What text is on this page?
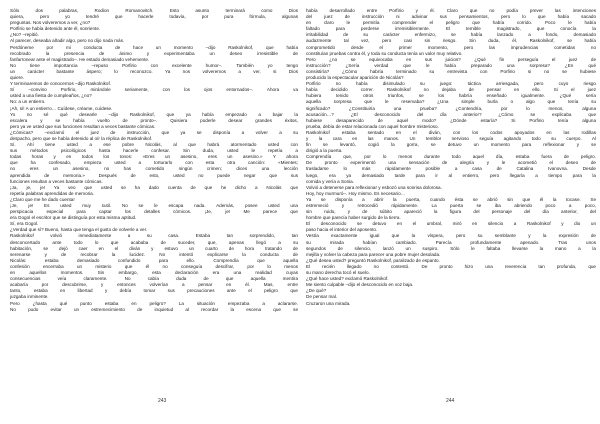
Sólo dos palabras, Rodion Romanovitch. Esto asunto terminará como Dios
quiera, pero yo tendré que hacerle todavía, por pura fórmula, algunas
preguntas. Nos volveremos a ver, ¿no?
Porfirio se había detenido ante él, sonriente.
¿No? –repitió.
Al parecer, deseaba añadir algo, pero no dijo nada más.
Perdóneme por mi conducta de hace un momento –dijo Raskolnikof, que había
recobrado la presencia de ánimo y experimentaba un deseo irresistible de
fanfarronear ante el magistrado–. He estado demasiado vehemente.
No tiene importancia –repuso Porfirio con excelente humor–. También yo tengo
un carácter bastante áspero; lo reconozco. Ya nos volveremos a ver, si Dios
quiere.
Y terminaremos de conocernos –dijo Raskolnikof.
Sí –convino Porfirio, mirándole seriamente, con los ojos entornados–. Ahora va
usted a una fiesta de cumpleaños, ¿no?
No: a un entierro.
¡Ah, sí! A un entierro… Cuídese, créame, cuídese.
Yo no sé qué desearle –dijo Raskolnikof, que ya había empezado a bajar la
escalera y se había vuelto de pronto–. Quisiera poderle desear grandes éxitos,
pero ya ve usted que sus funciones resultan a veces bastante cómicas.
¿Cómicas? –exclamó el juez de instrucción, que ya se disponía a volver a su
despacho, pero que se había detenido al oír la réplica de Raskolnikof.
Sí. Ahí tiene usted a ese pobre Nicolás, al que habrá atormentado usted con
sus métodos psicológicos hasta hacerle confesar. Sin duda, usted le repetía a
todas horas y en todos los tonos: «Eres un asesino, eres un asesino.» Y ahora
que ha confesado, empieza usted a torturarlo con esta otra canción: «Mientes;
no eres un asesino, no has cometido ningún crimen; dices una lección
aprendida de memoria.» Después de esto, usted no puede negar que sus
funciones resultan a veces bastante cómicas.
¡Ja, je, je! Ya veo que usted se ha dado cuenta de que he dicho a Nicolás que
repetía palabras aprendidas de memoria.
¿Claro que me he dado cuenta!
¡Je, je! Es usted muy sutil. No se le escapa nada. Además, posee usted una
perspicacia especial para captar los detalles cómicos. ¡Je, je! Me parece que
era Gogol el escritor que se distinguía por esta misma aptitud.
Sí, era Gogol.
¿Verdad que sí? Bueno, hasta que tenga el gusto de volverle a ver.
Raskolnikof volvió inmediatamente a su casa. Estaba tan sorprendido, tan
desconcertado ante todo lo que acababa de suceder, que, apenas llegó a su
habitación, se dejó caer en el diván y estuvo un cuarto de hora tratando de
serenarse y de recobrar la lucidez. No intentó explicarse la conducta de
Nicolás: estaba demasiado confundido para ello. Comprendía que aquella
confesión encerraba un misterio que él no conseguía descifrar, por lo menos
en aquellos momentos. Sin embargo, esta declaración era una realidad cuyas
consecuencias veía claramente. No cabía duda de que aquella mentira
acabaría por descubrirse, y entonces volverían a pensar en él. Mas, entre
tanto, estaba en libertad y debía tomar sus precauciones ante el peligro que
juzgaba inminente.
Pero ¿hasta qué punto estaba en peligro? La situación empezaba a aclararse.
No pudo evitar un estremecimiento de inquietud al recordar la escena que se
había desarrollado entre Porfirio y él. Claro que no podía prever las intenciones
del juez de instrucción ni adivinar sus pensamientos, pero lo que había sacado
en claro le permitía comprender el peligro que había corrido. Poco le había
faltado para perderse irremisiblemente. El temible magistrado, que conocía la
irritabilidad de su carácter enfermizo, se había lanzado a fondo, demasiado
audazmente tal vez, pero casi sin riesgo. Sin duda, él, Raskolnikof, se había
comprometido desde el primer momento, pero las imprudencias cometidas no
constituían pruebas contra él, y toda su conducta tenía un valor muy relativo.
Pero ¿no se equivocaba en sus juicios? ¿Qué fin perseguía el juez de
instrucción? ¿Sería verdad que le había preparado una sorpresa? ¿En qué
consistiría? ¿Cómo habría terminado su entrevista con Porfirio si no se hubiese
producido la espectacular aparición de Nicolás?
Porfirio no había disimulado su juego: táctica arriesgada, pero cuyo riesgo
había decidido correr. Raskolnikof no dejaba de pensar en ello. Si el juez
hubiera tenido otros triunfos, se los habría enseñado igualmente. ¿Qué sería
aquella sorpresa que le reservaba? ¿Una simple burla o algo que tenía su
significado? ¿Constituiría una prueba? ¿Contendría, por lo menos, alguna
acusación…? ¿El desconocido del día anterior? ¿Cómo se explicaba que
hubiese desaparecido de aquel modo? ¿Dónde estaría? Si Porfirio tenía alguna
prueba, debía de estar relacionada con aquel hombre misterioso.
Raskolnikof estaba sentado en el diván, con los codos apoyados en las rodillas
y la cara en las manos. Un temblor nervioso seguía agitando todo su cuerpo. Al
fin se levantó, cogió la gorra, se detuvo un momento para reflexionar y se
dirigió a la puerta.
Comprendía que, por lo menos durante todo aquel día, estaba fuera de peligro.
De pronto experimentó una sensación de alegría y le acometió el deseo de
trasladarse lo más rápidamente posible a casa de Catalina Ivanovna. Desde
luego, era ya demasiado tarde para ir al entierro, pero llegaría a tiempo para la
comida y vería a Sonia.
Volvió a detenerse para reflexionar y esbozó una sonrisa dolorosa.
Hoy, hoy murmuró–. Hoy mismo. Es necesario…
Ya se disponía a abrir la puerta, cuando ésta se abrió sin que él la tocase. Se
estremeció y retrocedió rápidamente. La puerta se iba abriendo poco a poco,
sin ruido, y de súbito apareció la figura del personaje del día anterior, del
hombre que parecía haber surgido de la tierra.
El desconocido se detuvo en el umbral, miró en silencio a Raskolnikof y dio un
paso hacia el interior del aposento.
Vestía exactamente igual que la víspera, pero su semblante y la expresión de
su mirada habían cambiado. Parecía profundamente apenado. Tras unos
segundos de silencio, lanzó un suspiro. Sólo le faltaba llevarse la mano a la
mejilla y volver la cabeza para parecer una pobre mujer desolada.
¿Qué desea usted? preguntó Raskolnikof, paralizado de espanto.
El recién llegado no contestó. De pronto hizo una reverencia tan profunda, que
su mano derecha tocó el suelo.
¿Qué hace usted? exclamó Raskolnikof.
Me siento culpable –dijo el desconocido en voz baja.
¿De qué?
De pensar mal.
Cruzaron una mirada.
243	244
